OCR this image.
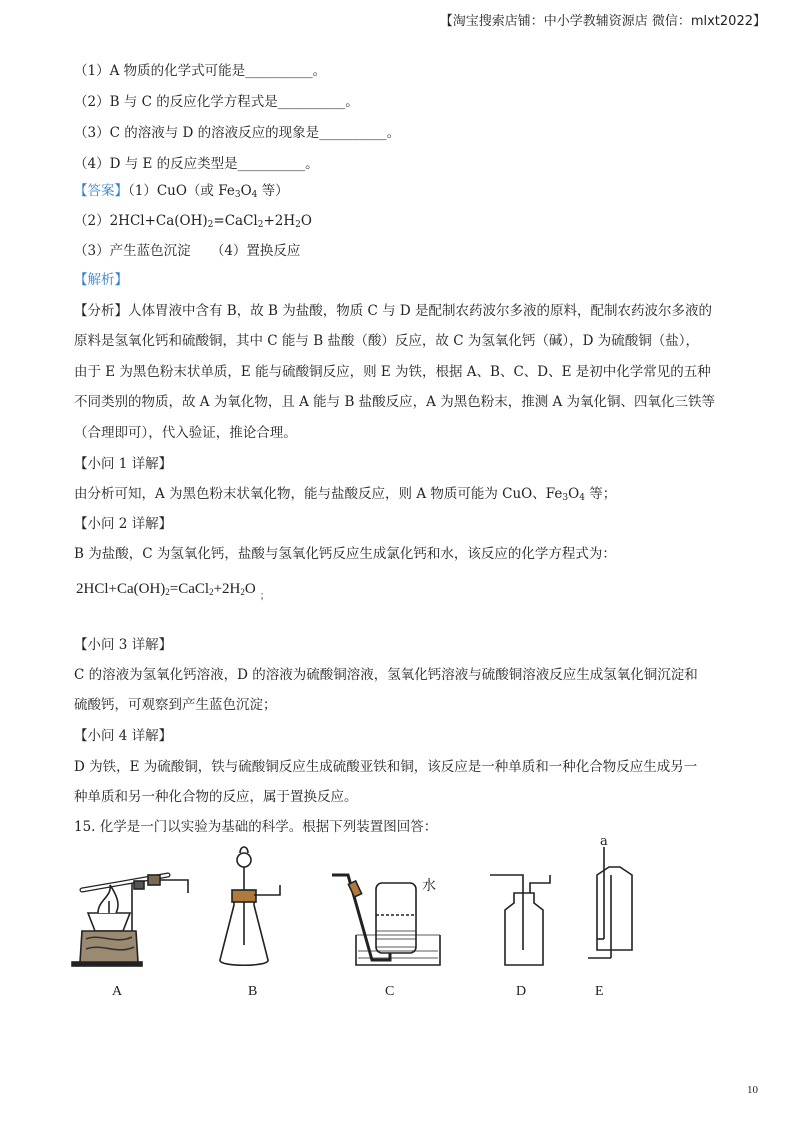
【淘宝搜索店铺：中小学教辅资源店 微信：mlxt2022】
（1）A 物质的化学式可能是__________。
（2）B 与 C 的反应化学方程式是__________。
（3）C 的溶液与 D 的溶液反应的现象是__________。
（4）D 与 E 的反应类型是__________。
【答案】（1）CuO（或 $Fe_3O_4$ 等）
$(2)2HCl+Ca(OH)_2=CaCl_2+2H_2O$
（3）产生蓝色沉淀　　（4）置换反应
【解析】
【分析】人体胃液中含有 B，故 B 为盐酸，物质 C 与 D 是配制农药波尔多液的原料，配制农药波尔多液的
原料是氢氧化钙和硫酸铜，其中 C 能与 B 盐酸（酸）反应，故 C 为氢氧化钙（碱），D 为硫酸铜（盐），
由于 E 为黑色粉末状单质，E 能与硫酸铜反应，则 E 为铁，根据 A、B、C、D、E 是初中化学常见的五种
不同类别的物质，故 A 为氧化物，且 A 能与 B 盐酸反应，A 为黑色粉末，推测 A 为氧化铜、四氧化三铁等
（合理即可），代入验证，推论合理。
【小问 1 详解】
由分析可知，A 为黑色粉末状氧化物，能与盐酸反应，则 A 物质可能为 CuO、$Fe_3O_4$ 等；
【小问 2 详解】
B 为盐酸，C 为氢氧化钙，盐酸与氢氧化钙反应生成氯化钙和水，该反应的化学方程式为：
$2HCl+Ca(OH)_2=CaCl_2+2H_2O$ $_;$
【小问 3 详解】
C 的溶液为氢氧化钙溶液，D 的溶液为硫酸铜溶液，氢氧化钙溶液与硫酸铜溶液反应生成氢氧化铜沉淀和
硫酸钙，可观察到产生蓝色沉淀；
【小问 4 详解】
D 为铁，E 为硫酸铜，铁与硫酸铜反应生成硫酸亚铁和铜，该反应是一种单质和一种化合物反应生成另一
种单质和另一种化合物的反应，属于置换反应。
15. 化学是一门以实验为基础的科学。根据下列装置图回答：
水
a
A	B	C	D	E
10
